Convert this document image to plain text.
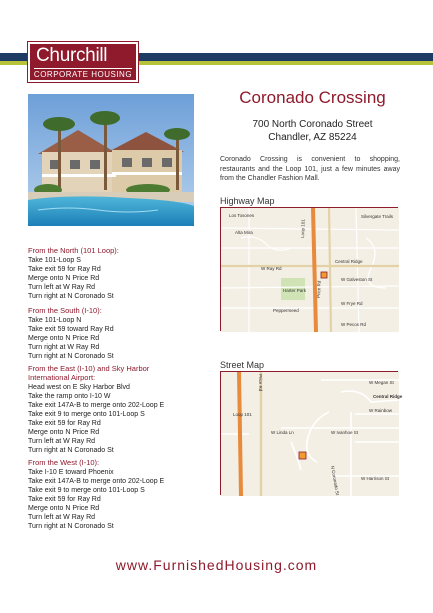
Churchill
CORPORATE HOUSING
Coronado Crossing
700 North Coronado Street
Chandler, AZ 85224
Coronado Crossing is convenient to shopping, restaurants and the Loop 101, just a few minutes away from the Chandler Fashion Mall.
Highway Map
Los Tosones
Alta Mira
Silvergate Trails
Central Ridge
Harter Park
Peppermeed
Loop 101
W Ray Rd
Price Rd
W Galveston St
W Frye Rd
W Pecos Rd
Street Map
W Megan St
Price Rd
W Linda Ln	W Ivanhoe St
Loop 101
N Coronado St	W Harrison St
W Rainbow
Central Ridge
From the North (101 Loop):
Take 101-Loop S
Take exit 59 for Ray Rd
Merge onto N Price Rd
Turn left at W Ray Rd
Turn right at N Coronado St
From the South (I-10):
Take 101-Loop N
Take exit 59 toward Ray Rd
Merge onto N Price Rd
Turn right at W Ray Rd
Turn right at N Coronado St
From the East (I-10) and Sky Harbor International Airport:
Head west on E Sky Harbor Blvd
Take the ramp onto I-10 W
Take exit 147A-B to merge onto 202-Loop E
Take exit 9 to merge onto 101-Loop S
Take exit 59 for Ray Rd
Merge onto N Price Rd
Turn left at W Ray Rd
Turn right at N Coronado St
From the West (I-10):
Take I-10 E toward Phoenix
Take exit 147A-B to merge onto 202-Loop E
Take exit 9 to merge onto 101-Loop S
Take exit 59 for Ray Rd
Merge onto N Price Rd
Turn left at W Ray Rd
Turn right at N Coronado St
www.FurnishedHousing.com
